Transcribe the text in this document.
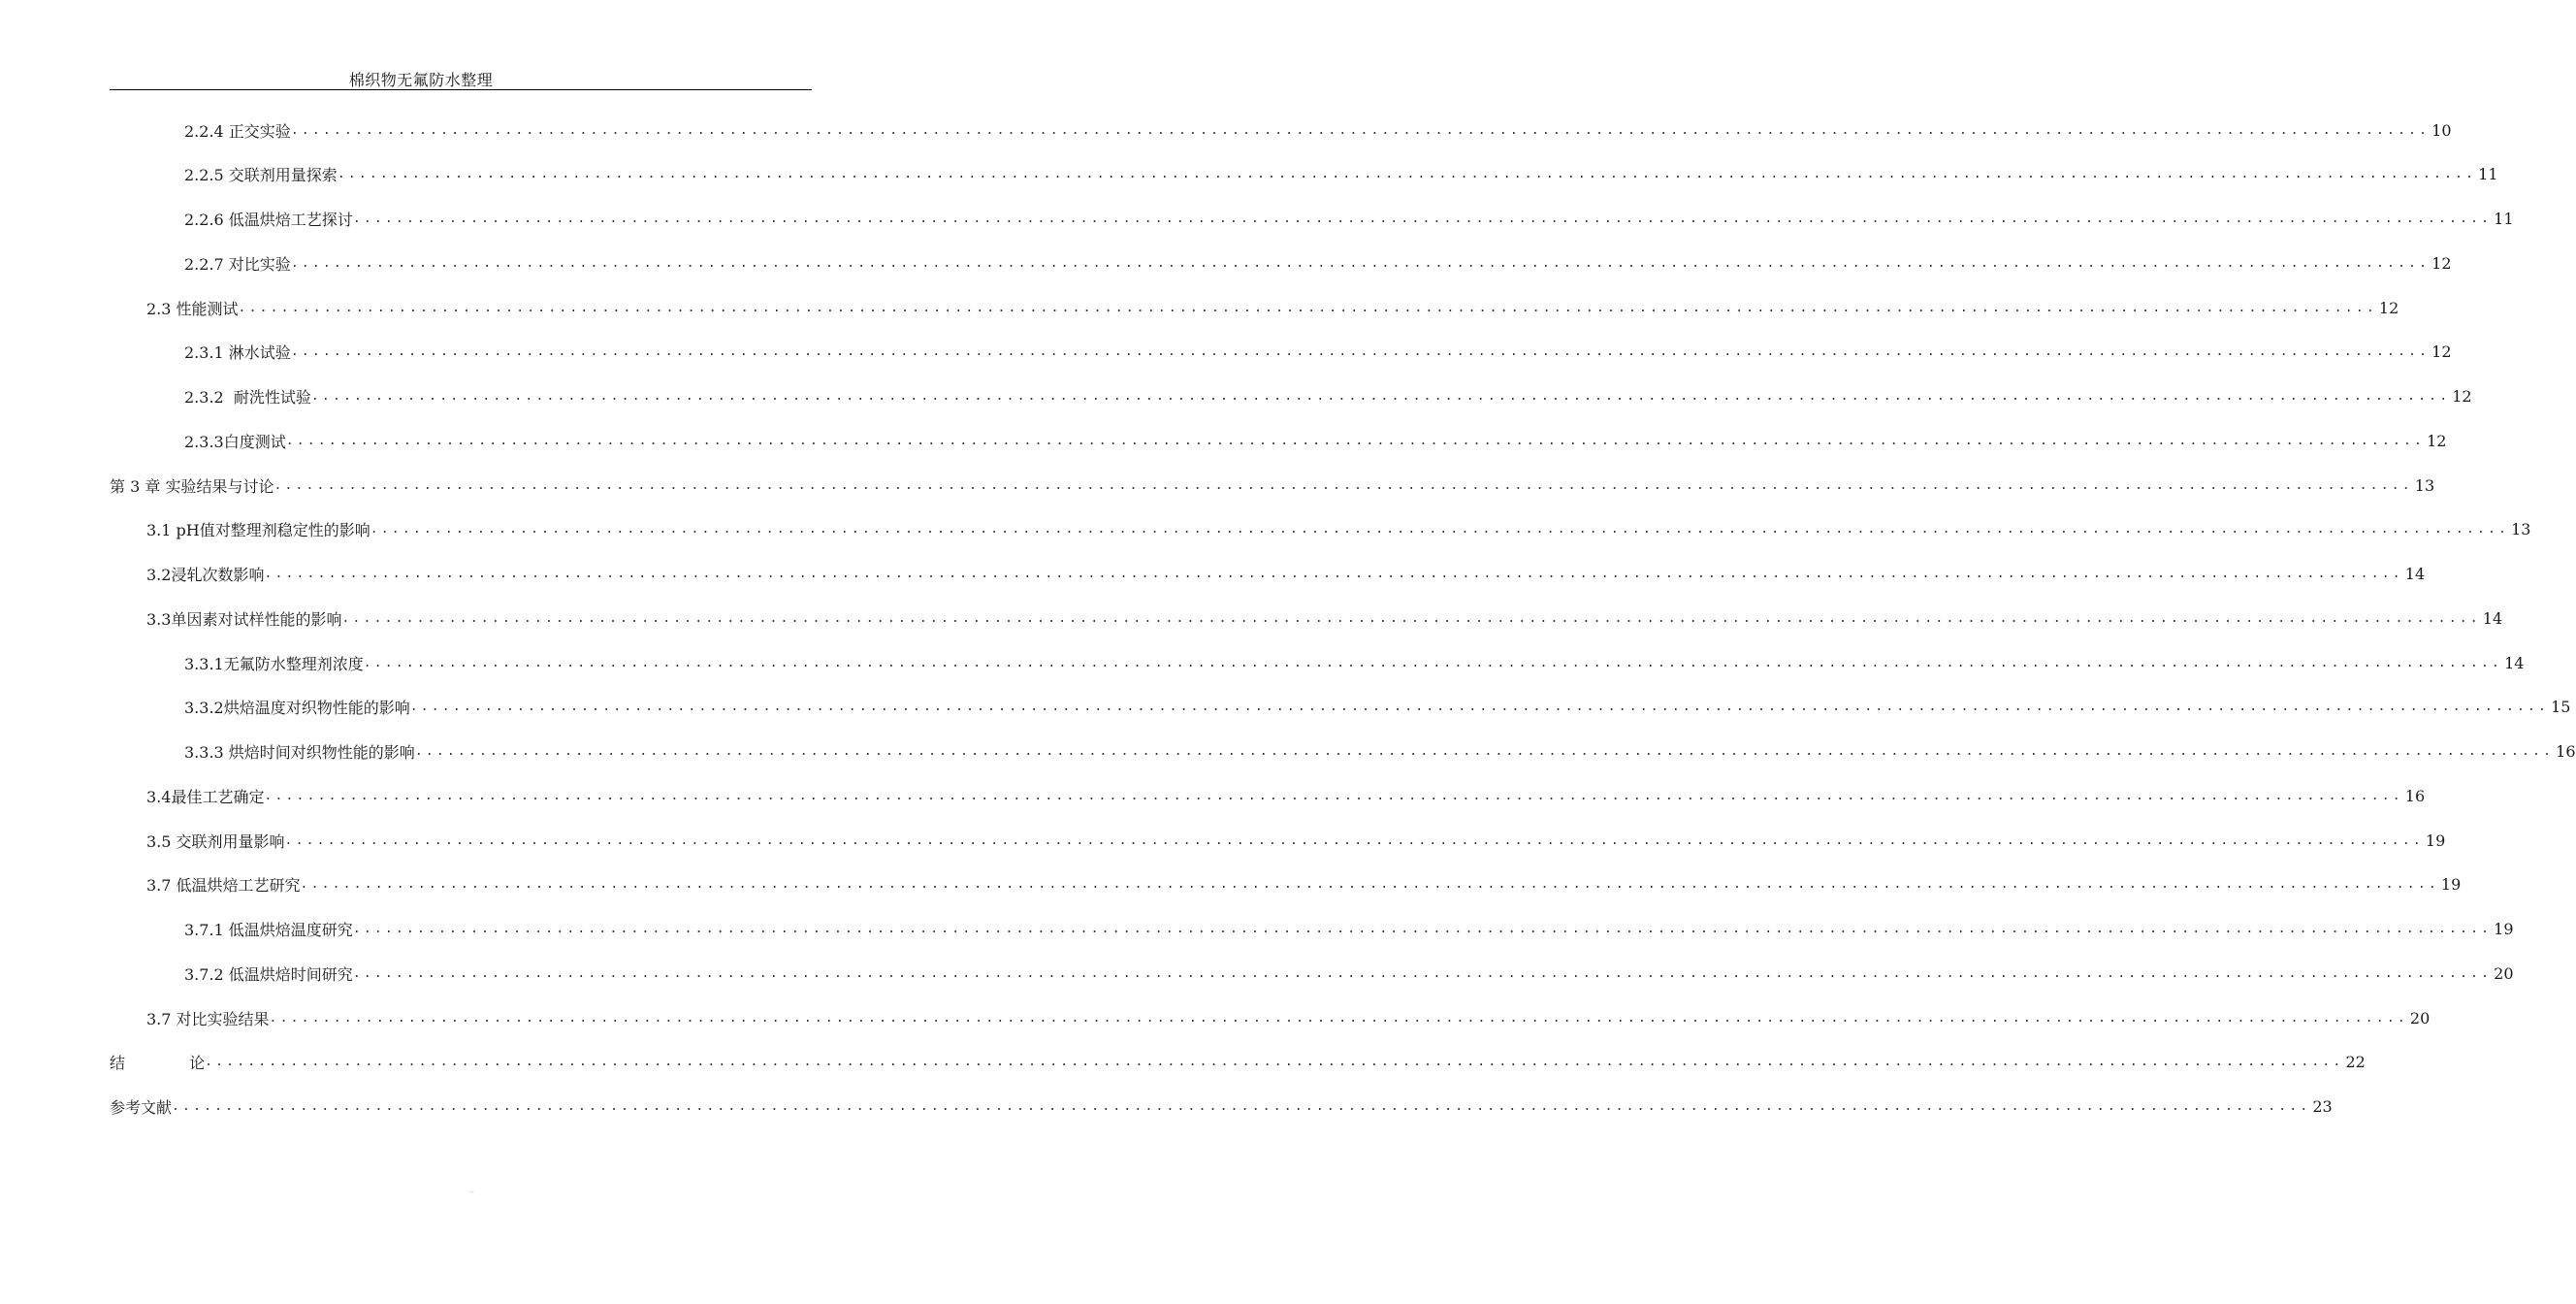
棉织物无氟防水整理
2.2.4 正交实验 ........................................................................................................................................................................................................ 10
2.2.5 交联剂用量探索 ........................................................................................................................................................................................................ 11
2.2.6 低温烘焙工艺探讨 ........................................................................................................................................................................................................ 11
2.2.7 对比实验 ........................................................................................................................................................................................................ 12
2.3 性能测试 ........................................................................................................................................................................................................ 12
2.3.1 淋水试验 ........................................................................................................................................................................................................ 12
2.3.2  耐洗性试验 ........................................................................................................................................................................................................ 12
2.3.3白度测试 ........................................................................................................................................................................................................ 12
第 3 章 实验结果与讨论 ........................................................................................................................................................................................................ 13
3.1 pH值对整理剂稳定性的影响 ........................................................................................................................................................................................................ 13
3.2浸轧次数影响 ........................................................................................................................................................................................................ 14
3.3单因素对试样性能的影响 ........................................................................................................................................................................................................ 14
3.3.1无氟防水整理剂浓度 ........................................................................................................................................................................................................ 14
3.3.2烘焙温度对织物性能的影响 ........................................................................................................................................................................................................ 15
3.3.3 烘焙时间对织物性能的影响 ........................................................................................................................................................................................................ 16
3.4最佳工艺确定 ........................................................................................................................................................................................................ 16
3.5 交联剂用量影响 ........................................................................................................................................................................................................ 19
3.7 低温烘焙工艺研究 ........................................................................................................................................................................................................ 19
3.7.1 低温烘焙温度研究 ........................................................................................................................................................................................................ 19
3.7.2 低温烘焙时间研究 ........................................................................................................................................................................................................ 20
3.7 对比实验结果 ........................................................................................................................................................................................................ 20
结             论 ........................................................................................................................................................................................................ 22
参考文献 ........................................................................................................................................................................................................ 23
..
